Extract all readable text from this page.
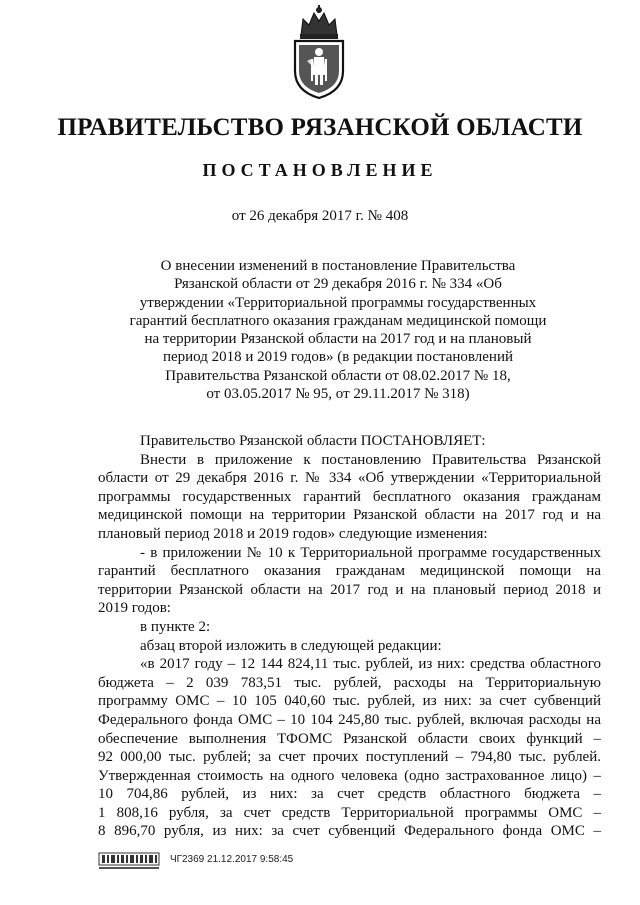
ПРАВИТЕЛЬСТВО РЯЗАНСКОЙ ОБЛАСТИ
ПОСТАНОВЛЕНИЕ
от 26 декабря 2017 г. № 408
О внесении изменений в постановление Правительства
Рязанской области от 29 декабря 2016 г. № 334 «Об
утверждении «Территориальной программы государственных
гарантий бесплатного оказания гражданам медицинской помощи
на территории Рязанской области на 2017 год и на плановый
период 2018 и 2019 годов» (в редакции постановлений
Правительства Рязанской области от 08.02.2017 № 18,
от 03.05.2017 № 95, от 29.11.2017 № 318)
Правительство Рязанской области ПОСТАНОВЛЯЕТ:
Внести в приложение к постановлению Правительства Рязанской
области от 29 декабря 2016 г. № 334 «Об утверждении «Территориальной
программы государственных гарантий бесплатного оказания гражданам
медицинской помощи на территории Рязанской области на 2017 год и на
плановый период 2018 и 2019 годов» следующие изменения:
- в приложении № 10 к Территориальной программе государственных
гарантий бесплатного оказания гражданам медицинской помощи на
территории Рязанской области на 2017 год и на плановый период 2018 и
2019 годов:
в пункте 2:
абзац второй изложить в следующей редакции:
«в 2017 году – 12 144 824,11 тыс. рублей, из них: средства областного
бюджета – 2 039 783,51 тыс. рублей, расходы на Территориальную
программу ОМС – 10 105 040,60 тыс. рублей, из них: за счет субвенций
Федерального фонда ОМС – 10 104 245,80 тыс. рублей, включая расходы на
обеспечение выполнения ТФОМС Рязанской области своих функций –
92 000,00 тыс. рублей; за счет прочих поступлений – 794,80 тыс. рублей.
Утвержденная стоимость на одного человека (одно застрахованное лицо) –
10 704,86 рублей, из них: за счет средств областного бюджета –
1 808,16 рубля, за счет средств Территориальной программы ОМС –
8 896,70 рубля, из них: за счет субвенций Федерального фонда ОМС –
ЧГ 2369 21.12.2017 9:58:45
